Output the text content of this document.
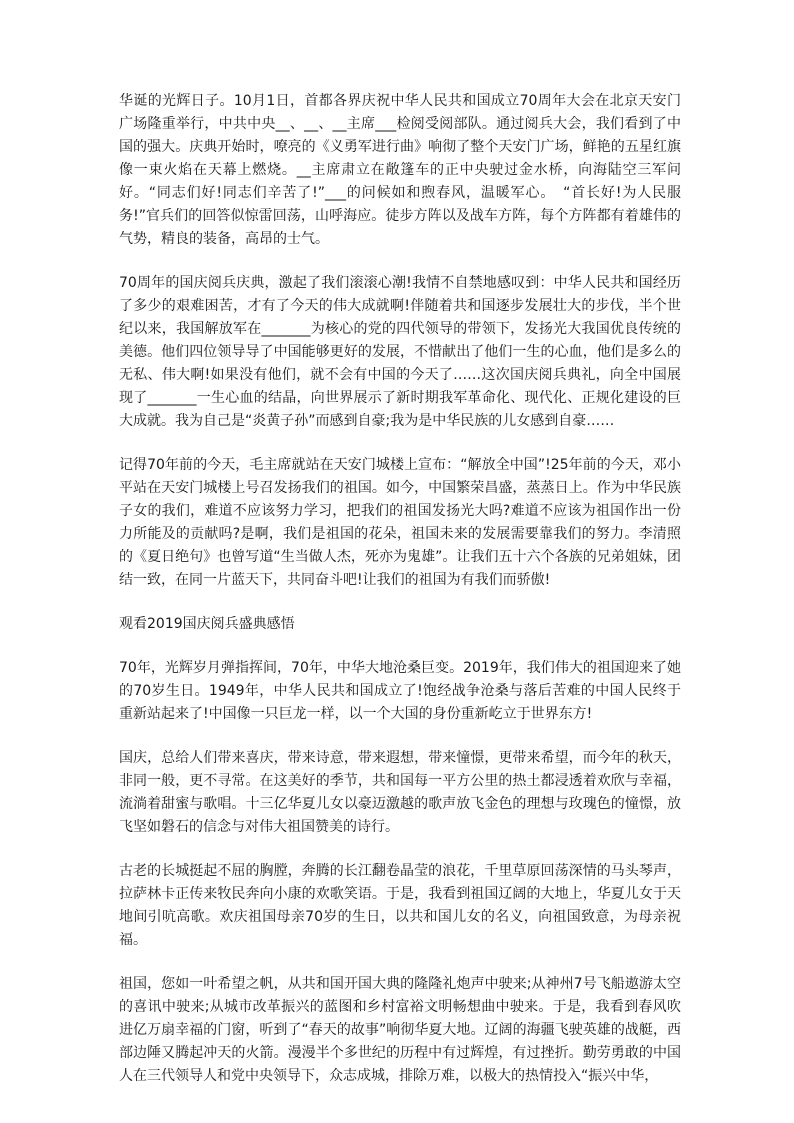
华诞的光辉日子。10月1日，首都各界庆祝中华人民共和国成立70周年大会在北京天安门广场隆重举行，中共中央__、__、__主席___检阅受阅部队。通过阅兵大会，我们看到了中国的强大。庆典开始时，嘹亮的《义勇军进行曲》响彻了整个天安门广场，鲜艳的五星红旗像一束火焰在天幕上燃烧。__主席肃立在敞篷车的正中央驶过金水桥，向海陆空三军问好。“同志们好!同志们辛苦了!”___的问候如和煦春风，温暖军心。　“首长好!为人民服务!”官兵们的回答似惊雷回荡，山呼海应。徒步方阵以及战车方阵，每个方阵都有着雄伟的气势，精良的装备，高昂的士气。

70周年的国庆阅兵庆典，激起了我们滚滚心潮!我情不自禁地感叹到：中华人民共和国经历了多少的艰难困苦，才有了今天的伟大成就啊!伴随着共和国逐步发展壮大的步伐，半个世纪以来，我国解放军在_______为核心的党的四代领导的带领下，发扬光大我国优良传统的美德。他们四位领导导了中国能够更好的发展，不惜献出了他们一生的心血，他们是多么的无私、伟大啊!如果没有他们，就不会有中国的今天了……这次国庆阅兵典礼，向全中国展现了_______一生心血的结晶，向世界展示了新时期我军革命化、现代化、正规化建设的巨大成就。我为自己是“炎黄子孙”而感到自豪;我为是中华民族的儿女感到自豪……

记得70年前的今天，毛主席就站在天安门城楼上宣布：“解放全中国”!25年前的今天，邓小平站在天安门城楼上号召发扬我们的祖国。如今，中国繁荣昌盛，蒸蒸日上。作为中华民族子女的我们，难道不应该努力学习，把我们的祖国发扬光大吗?难道不应该为祖国作出一份力所能及的贡献吗?是啊，我们是祖国的花朵，祖国未来的发展需要靠我们的努力。李清照的《夏日绝句》也曾写道“生当做人杰，死亦为鬼雄”。让我们五十六个各族的兄弟姐妹，团结一致，在同一片蓝天下，共同奋斗吧!让我们的祖国为有我们而骄傲!

观看2019国庆阅兵盛典感悟

70年，光辉岁月弹指挥间，70年，中华大地沧桑巨变。2019年，我们伟大的祖国迎来了她的70岁生日。1949年，中华人民共和国成立了!饱经战争沧桑与落后苦难的中国人民终于重新站起来了!中国像一只巨龙一样，以一个大国的身份重新屹立于世界东方!

国庆，总给人们带来喜庆，带来诗意，带来遐想，带来憧憬，更带来希望，而今年的秋天，非同一般，更不寻常。在这美好的季节，共和国每一平方公里的热土都浸透着欢欣与幸福，流淌着甜蜜与歌唱。十三亿华夏儿女以豪迈激越的歌声放飞金色的理想与玫瑰色的憧憬，放飞坚如磐石的信念与对伟大祖国赞美的诗行。

古老的长城挺起不屈的胸膛，奔腾的长江翻卷晶莹的浪花，千里草原回荡深情的马头琴声，拉萨林卡正传来牧民奔向小康的欢歌笑语。于是，我看到祖国辽阔的大地上，华夏儿女于天地间引吭高歌。欢庆祖国母亲70岁的生日，以共和国儿女的名义，向祖国致意，为母亲祝福。

祖国，您如一叶希望之帆，从共和国开国大典的隆隆礼炮声中驶来;从神州7号飞船遨游太空的喜讯中驶来;从城市改革振兴的蓝图和乡村富裕文明畅想曲中驶来。于是，我看到春风吹进亿万扇幸福的门窗，听到了“春天的故事”响彻华夏大地。辽阔的海疆飞驶英雄的战艇，西部边陲又腾起冲天的火箭。漫漫半个多世纪的历程中有过辉煌，有过挫折。勤劳勇敢的中国人在三代领导人和党中央领导下，众志成城，排除万难，以极大的热情投入“振兴中华，
